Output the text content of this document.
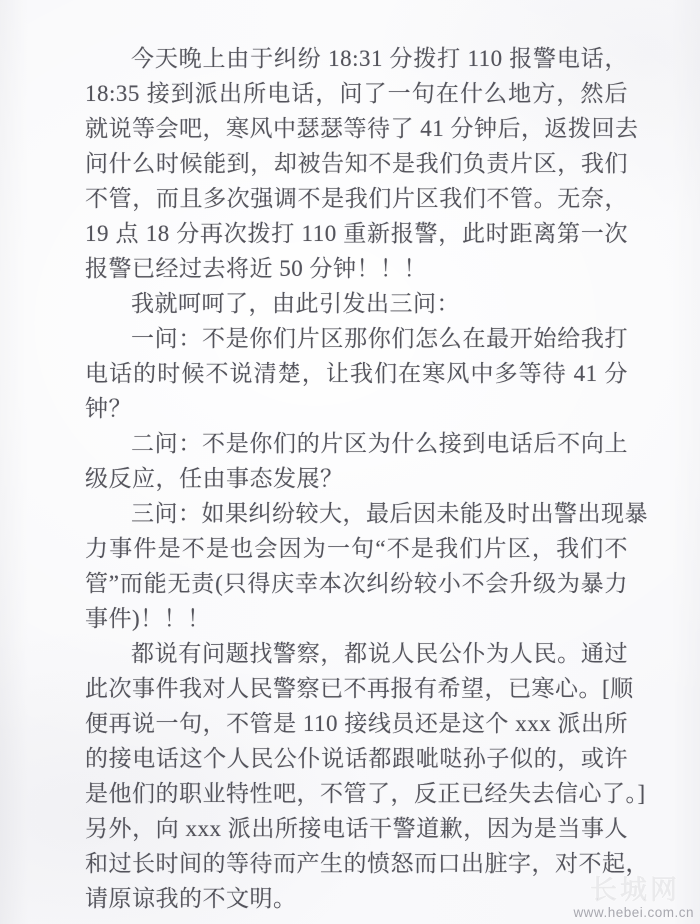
今天晚上由于纠纷 18:31 分拨打 110 报警电话，
18:35 接到派出所电话，问了一句在什么地方，然后
就说等会吧，寒风中瑟瑟等待了 41 分钟后，返拨回去
问什么时候能到，却被告知不是我们负责片区，我们
不管，而且多次强调不是我们片区我们不管。无奈，
19 点 18 分再次拨打 110 重新报警，此时距离第一次
报警已经过去将近 50 分钟！！！
我就呵呵了，由此引发出三问：
一问：不是你们片区那你们怎么在最开始给我打
电话的时候不说清楚，让我们在寒风中多等待 41 分
钟？
二问：不是你们的片区为什么接到电话后不向上
级反应，任由事态发展？
三问：如果纠纷较大，最后因未能及时出警出现暴
力事件是不是也会因为一句“不是我们片区，我们不
管”而能无责(只得庆幸本次纠纷较小不会升级为暴力
事件)！！！
都说有问题找警察，都说人民公仆为人民。通过
此次事件我对人民警察已不再报有希望，已寒心。[顺
便再说一句，不管是 110 接线员还是这个 xxx 派出所
的接电话这个人民公仆说话都跟呲哒孙子似的，或许
是他们的职业特性吧，不管了，反正已经失去信心了。]
另外，向 xxx 派出所接电话干警道歉，因为是当事人
和过长时间的等待而产生的愤怒而口出脏字，对不起，
请原谅我的不文明。	长城网
www.hebei.com.cn
